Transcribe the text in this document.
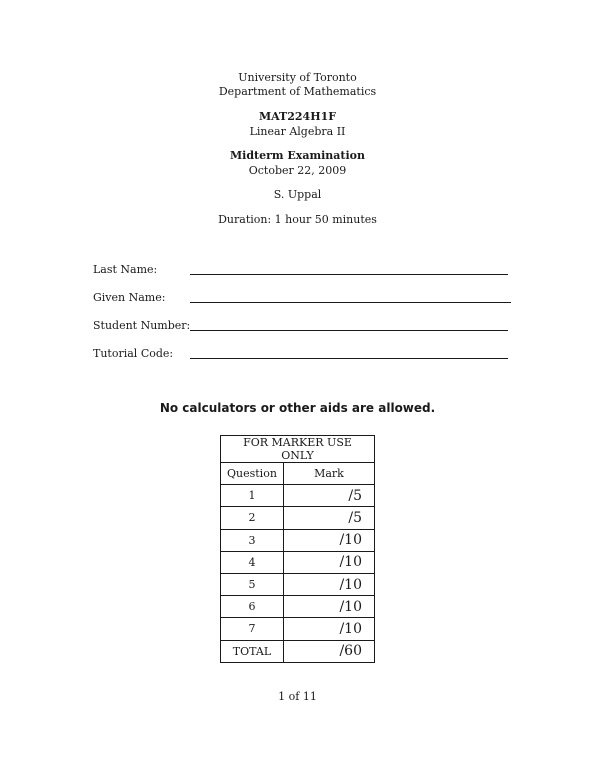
University of Toronto
Department of Mathematics
MAT224H1F
Linear Algebra II
Midterm Examination
October 22, 2009
S. Uppal
Duration: 1 hour 50 minutes
Last Name:
Given Name:
Student Number:
Tutorial Code:
No calculators or other aids are allowed.
FOR MARKER USE ONLY	
Question	Mark
1	/5
2	/5
3	/10
4	/10
5	/10
6	/10
7	/10
TOTAL	/60
1 of 11
